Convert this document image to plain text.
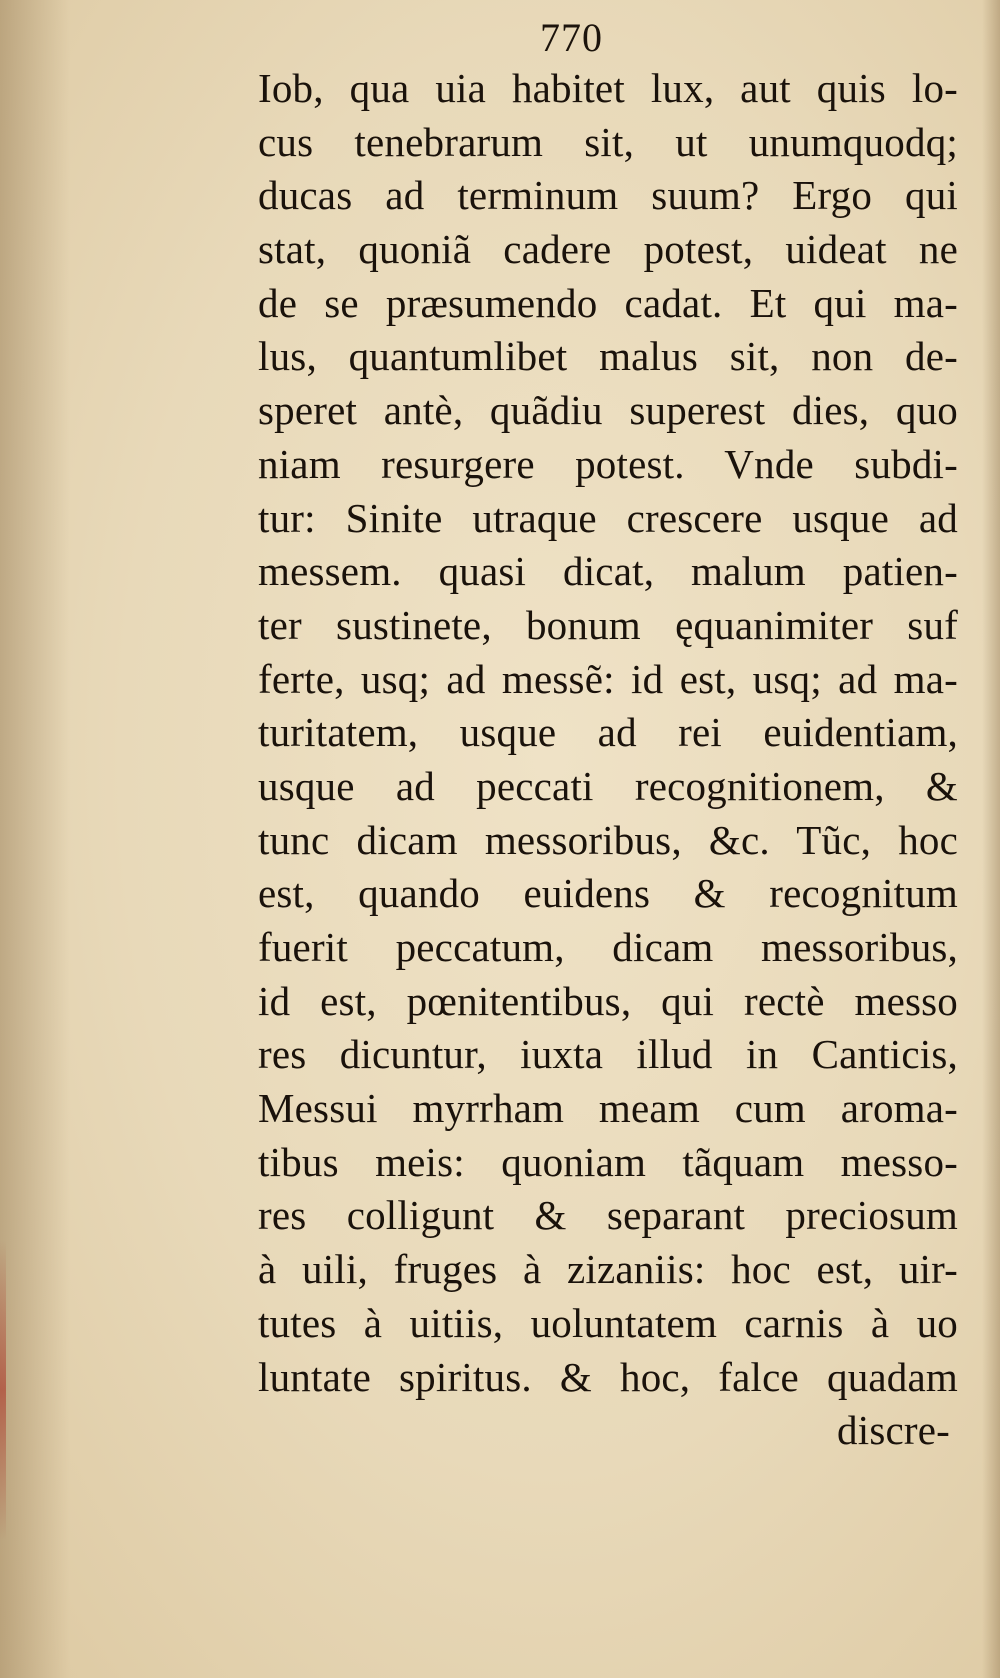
770
Iob, qua uia habitet lux, aut quis lo-
cus tenebrarum sit, ut unumquodq;
ducas ad terminum suum? Ergo qui
stat, quoniã cadere potest, uideat ne
de se præsumendo cadat. Et qui ma-
lus, quantumlibet malus sit, non de-
speret antè, quãdiu superest dies, quo
niam resurgere potest. Vnde subdi-
tur: Sinite utraque crescere usque ad
messem. quasi dicat, malum patien-
ter sustinete, bonum ęquanimiter suf
ferte, usq; ad messẽ: id est, usq; ad ma-
turitatem, usque ad rei euidentiam,
usque ad peccati recognitionem, &
tunc dicam messoribus, &c. Tũc, hoc
est, quando euidens & recognitum
fuerit peccatum, dicam messoribus,
id est, pœnitentibus, qui rectè messo
res dicuntur, iuxta illud in Canticis,
Messui myrrham meam cum aroma-
tibus meis: quoniam tãquam messo-
res colligunt & separant preciosum
à uili, fruges à zizaniis: hoc est, uir-
tutes à uitiis, uoluntatem carnis à uo
luntate spiritus. & hoc, falce quadam
discre-
